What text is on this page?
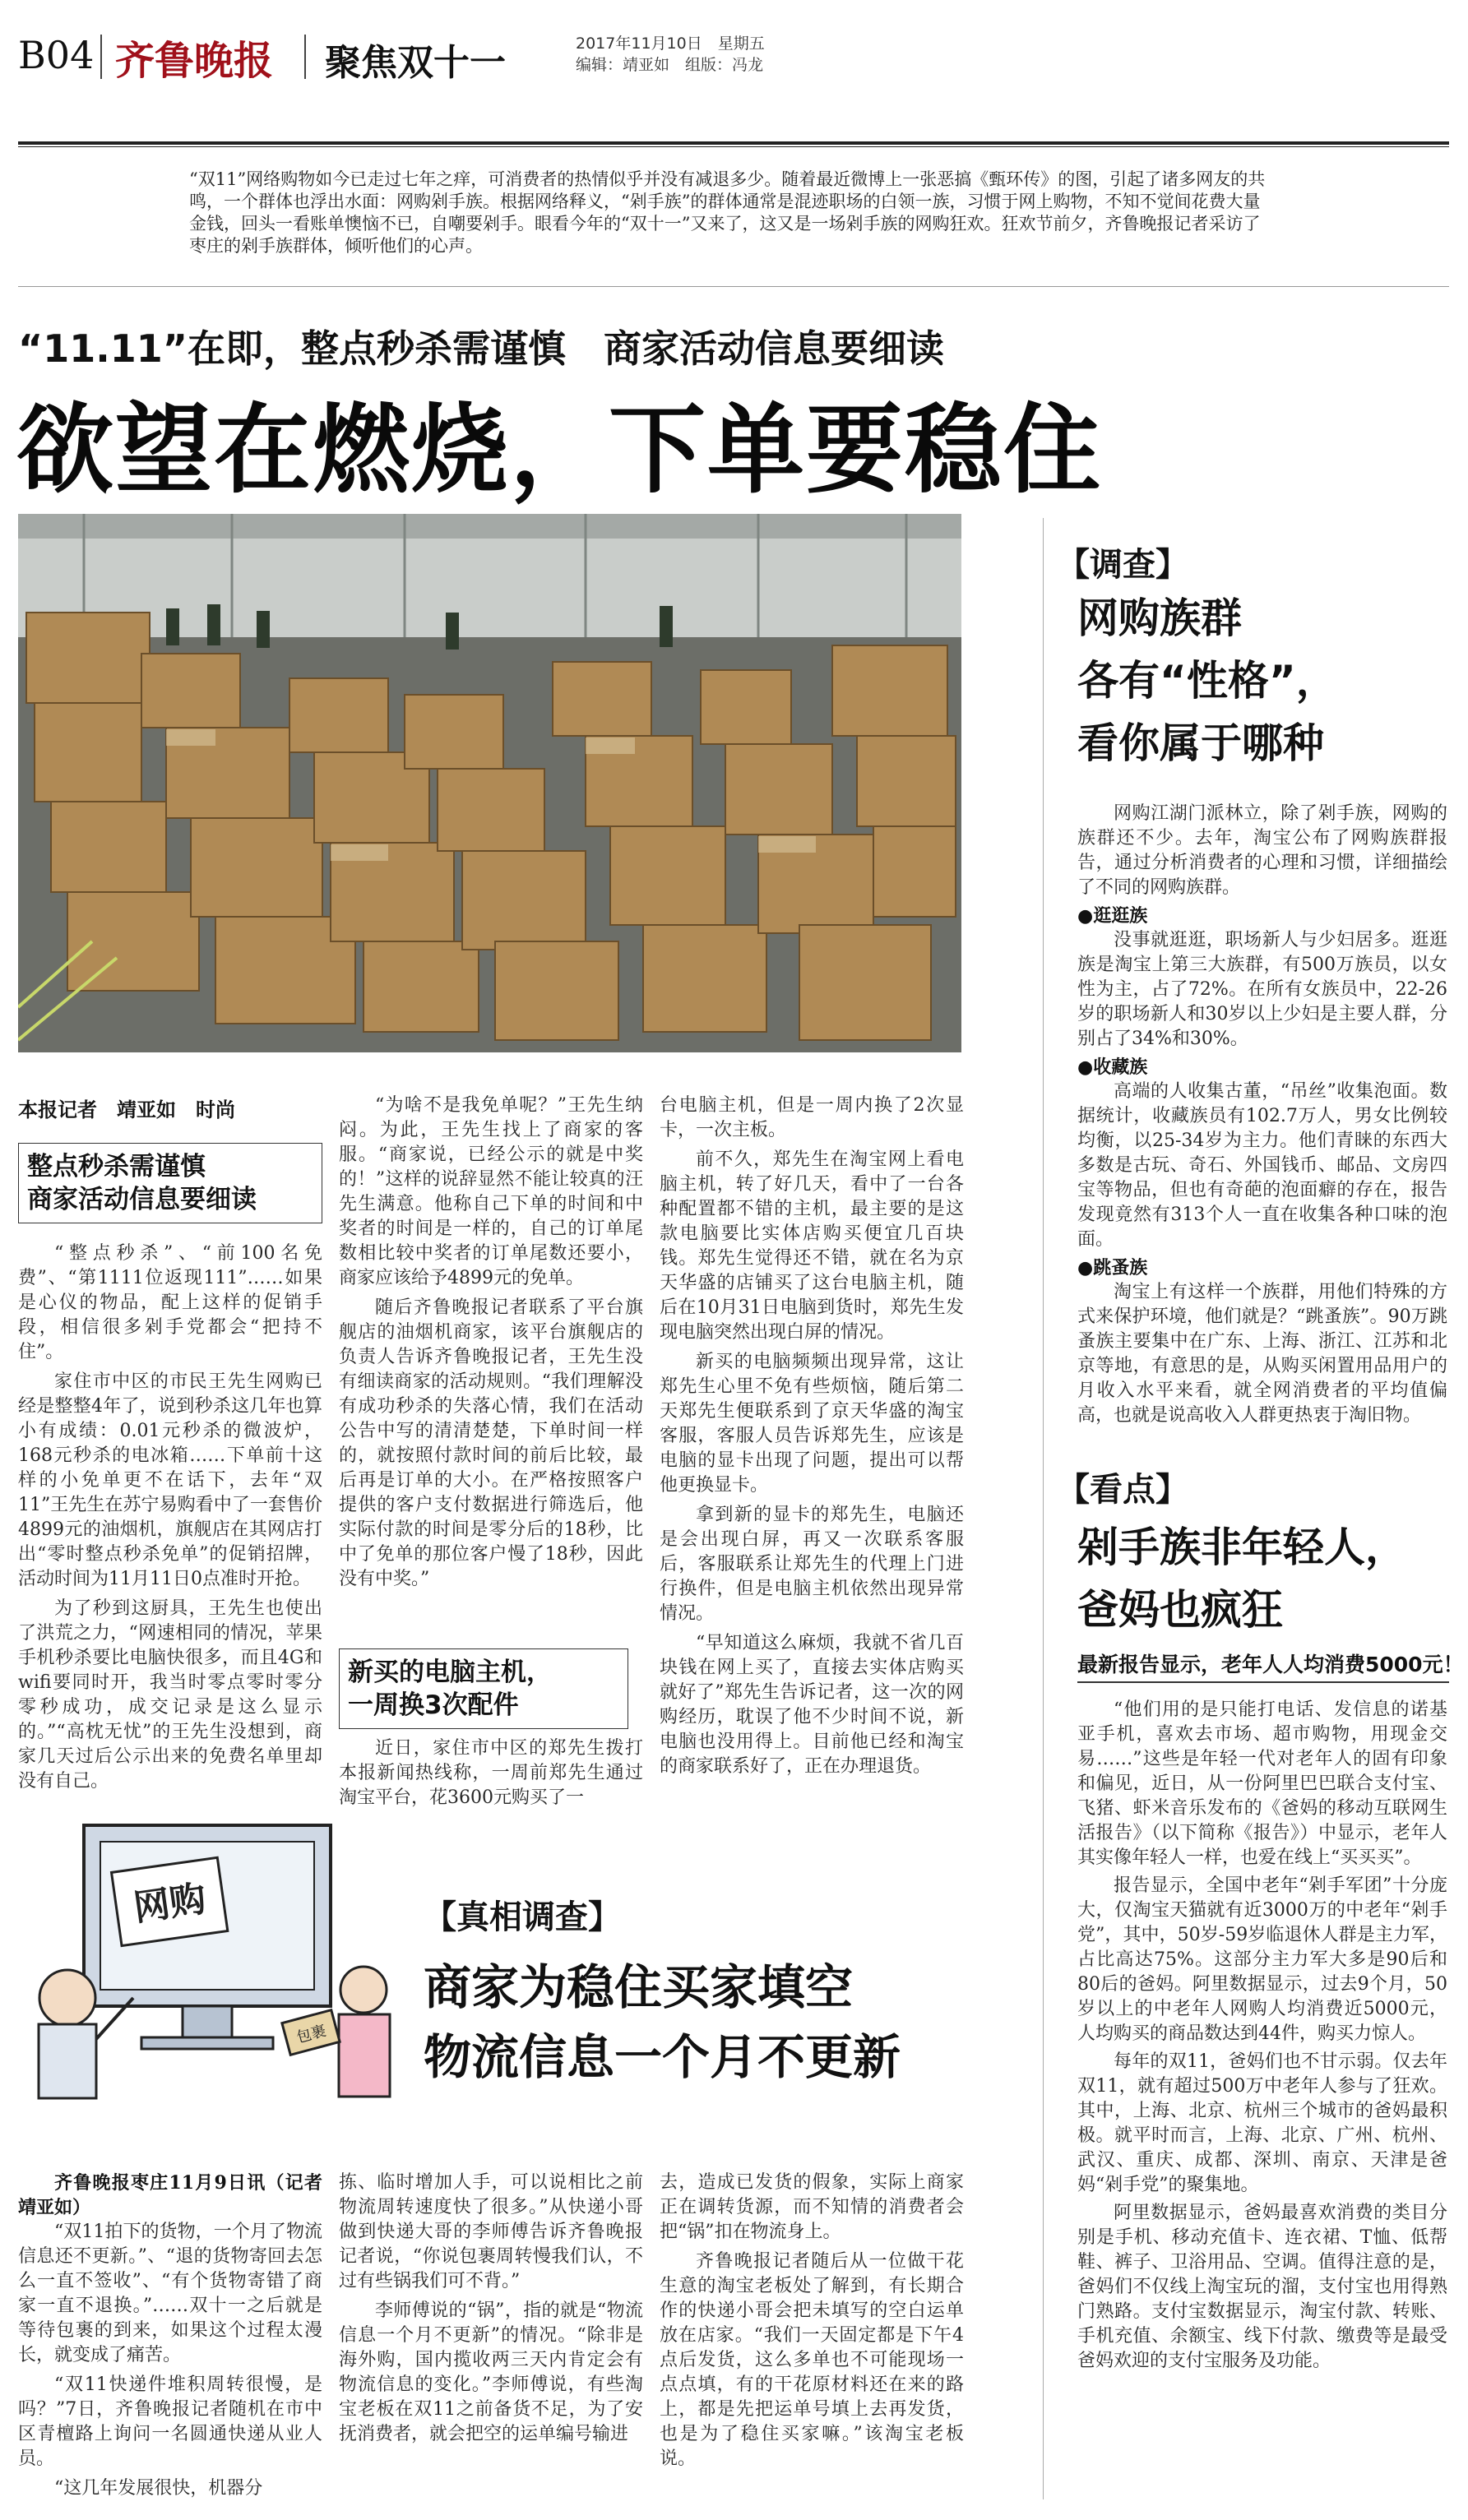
B04 齐鲁晚报 聚焦双十一	2017年11月10日　星期五
编辑：靖亚如　组版：冯龙
“双11”网络购物如今已走过七年之痒，可消费者的热情似乎并没有减退多少。随着最近微博上一张恶搞《甄环传》的图，引起了诸多网友的共鸣，一个群体也浮出水面：网购剁手族。根据网络释义，“剁手族”的群体通常是混迹职场的白领一族，习惯于网上购物，不知不觉间花费大量金钱，回头一看账单懊恼不已，自嘲要剁手。眼看今年的“双十一”又来了，这又是一场剁手族的网购狂欢。狂欢节前夕，齐鲁晚报记者采访了枣庄的剁手族群体，倾听他们的心声。
“11.11”在即，整点秒杀需谨慎　商家活动信息要细读
欲望在燃烧，下单要稳住
本报记者　靖亚如　时尚
整点秒杀需谨慎
商家活动信息要细读

“整点秒杀”、“前100名免费”、“第1111位返现111”……如果是心仪的物品，配上这样的促销手段，相信很多剁手党都会“把持不住”。

家住市中区的市民王先生网购已经是整整4年了，说到秒杀这几年也算小有成绩：0.01元秒杀的微波炉，168元秒杀的电冰箱……下单前十这样的小免单更不在话下，去年“双11”王先生在苏宁易购看中了一套售价4899元的油烟机，旗舰店在其网店打出“零时整点秒杀免单”的促销招牌，活动时间为11月11日0点准时开抢。

为了秒到这厨具，王先生也使出了洪荒之力，“网速相同的情况，苹果手机秒杀要比电脑快很多，而且4G和wifi要同时开，我当时零点零时零分零秒成功，成交记录是这么显示的。”“高枕无忧”的王先生没想到，商家几天过后公示出来的免费名单里却没有自己。

“为啥不是我免单呢？”王先生纳闷。为此，王先生找上了商家的客服。“商家说，已经公示的就是中奖的！”这样的说辞显然不能让较真的汪先生满意。他称自己下单的时间和中奖者的时间是一样的，自己的订单尾数相比较中奖者的订单尾数还要小，商家应该给予4899元的免单。

随后齐鲁晚报记者联系了平台旗舰店的油烟机商家，该平台旗舰店的负责人告诉齐鲁晚报记者，王先生没有细读商家的活动规则。“我们理解没有成功秒杀的失落心情，我们在活动公告中写的清清楚楚，下单时间一样的，就按照付款时间的前后比较，最后再是订单的大小。在严格按照客户提供的客户支付数据进行筛选后，他实际付款的时间是零分后的18秒，比中了免单的那位客户慢了18秒，因此没有中奖。”

新买的电脑主机，
一周换3次配件

近日，家住市中区的郑先生拨打本报新闻热线称，一周前郑先生通过淘宝平台，花3600元购买了一

台电脑主机，但是一周内换了2次显卡，一次主板。

前不久，郑先生在淘宝网上看电脑主机，转了好几天，看中了一台各种配置都不错的主机，最主要的是这款电脑要比实体店购买便宜几百块钱。郑先生觉得还不错，就在名为京天华盛的店铺买了这台电脑主机，随后在10月31日电脑到货时，郑先生发现电脑突然出现白屏的情况。

新买的电脑频频出现异常，这让郑先生心里不免有些烦恼，随后第二天郑先生便联系到了京天华盛的淘宝客服，客服人员告诉郑先生，应该是电脑的显卡出现了问题，提出可以帮他更换显卡。

拿到新的显卡的郑先生，电脑还是会出现白屏，再又一次联系客服后，客服联系让郑先生的代理上门进行换件，但是电脑主机依然出现异常情况。

“早知道这么麻烦，我就不省几百块钱在网上买了，直接去实体店购买就好了”郑先生告诉记者，这一次的网购经历，耽误了他不少时间不说，新电脑也没用得上。目前他已经和淘宝的商家联系好了，正在办理退货。

网购
包裹
【真相调查】
商家为稳住买家填空
物流信息一个月不更新

齐鲁晚报枣庄11月9日讯（记者　靖亚如）

“双11拍下的货物，一个月了物流信息还不更新。”、“退的货物寄回去怎么一直不签收”、“有个货物寄错了商家一直不退换。”……双十一之后就是等待包裹的到来，如果这个过程太漫长，就变成了痛苦。

“双11快递件堆积周转很慢，是吗？”7日，齐鲁晚报记者随机在市中区青檀路上询问一名圆通快递从业人员。

“这几年发展很快，机器分

拣、临时增加人手，可以说相比之前物流周转速度快了很多。”从快递小哥做到快递大哥的李师傅告诉齐鲁晚报记者说，“你说包裹周转慢我们认，不过有些锅我们可不背。”

李师傅说的“锅”，指的就是“物流信息一个月不更新”的情况。“除非是海外购，国内揽收两三天内肯定会有物流信息的变化。”李师傅说，有些淘宝老板在双11之前备货不足，为了安抚消费者，就会把空的运单编号输进

去，造成已发货的假象，实际上商家正在调转货源，而不知情的消费者会把“锅”扣在物流身上。

齐鲁晚报记者随后从一位做干花生意的淘宝老板处了解到，有长期合作的快递小哥会把未填写的空白运单放在店家。“我们一天固定都是下午4点后发货，这么多单也不可能现场一点点填，有的干花原材料还在来的路上，都是先把运单号填上去再发货，也是为了稳住买家嘛。”该淘宝老板说。

【调查】
网购族群
各有“性格”，
看你属于哪种

网购江湖门派林立，除了剁手族，网购的族群还不少。去年，淘宝公布了网购族群报告，通过分析消费者的心理和习惯，详细描绘了不同的网购族群。

●逛逛族

没事就逛逛，职场新人与少妇居多。逛逛族是淘宝上第三大族群，有500万族员，以女性为主，占了72%。在所有女族员中，22-26岁的职场新人和30岁以上少妇是主要人群，分别占了34%和30%。

●收藏族

高端的人收集古董，“吊丝”收集泡面。数据统计，收藏族员有102.7万人，男女比例较均衡，以25-34岁为主力。他们青睐的东西大多数是古玩、奇石、外国钱币、邮品、文房四宝等物品，但也有奇葩的泡面癖的存在，报告发现竟然有313个人一直在收集各种口味的泡面。

●跳蚤族

淘宝上有这样一个族群，用他们特殊的方式来保护环境，他们就是？“跳蚤族”。90万跳蚤族主要集中在广东、上海、浙江、江苏和北京等地，有意思的是，从购买闲置用品用户的月收入水平来看，就全网消费者的平均值偏高，也就是说高收入人群更热衷于淘旧物。

【看点】
剁手族非年轻人，
爸妈也疯狂
最新报告显示，老年人人均消费5000元！

“他们用的是只能打电话、发信息的诺基亚手机，喜欢去市场、超市购物，用现金交易……”这些是年轻一代对老年人的固有印象和偏见，近日，从一份阿里巴巴联合支付宝、飞猪、虾米音乐发布的《爸妈的移动互联网生活报告》（以下简称《报告》）中显示，老年人其实像年轻人一样，也爱在线上“买买买”。

报告显示，全国中老年“剁手军团”十分庞大，仅淘宝天猫就有近3000万的中老年“剁手党”，其中，50岁-59岁临退休人群是主力军，占比高达75%。这部分主力军大多是90后和80后的爸妈。阿里数据显示，过去9个月，50岁以上的中老年人网购人均消费近5000元，人均购买的商品数达到44件，购买力惊人。

每年的双11，爸妈们也不甘示弱。仅去年双11，就有超过500万中老年人参与了狂欢。其中，上海、北京、杭州三个城市的爸妈最积极。就平时而言，上海、北京、广州、杭州、武汉、重庆、成都、深圳、南京、天津是爸妈“剁手党”的聚集地。

阿里数据显示，爸妈最喜欢消费的类目分别是手机、移动充值卡、连衣裙、T恤、低帮鞋、裤子、卫浴用品、空调。值得注意的是，爸妈们不仅线上淘宝玩的溜，支付宝也用得熟门熟路。支付宝数据显示，淘宝付款、转账、手机充值、余额宝、线下付款、缴费等是最受爸妈欢迎的支付宝服务及功能。
